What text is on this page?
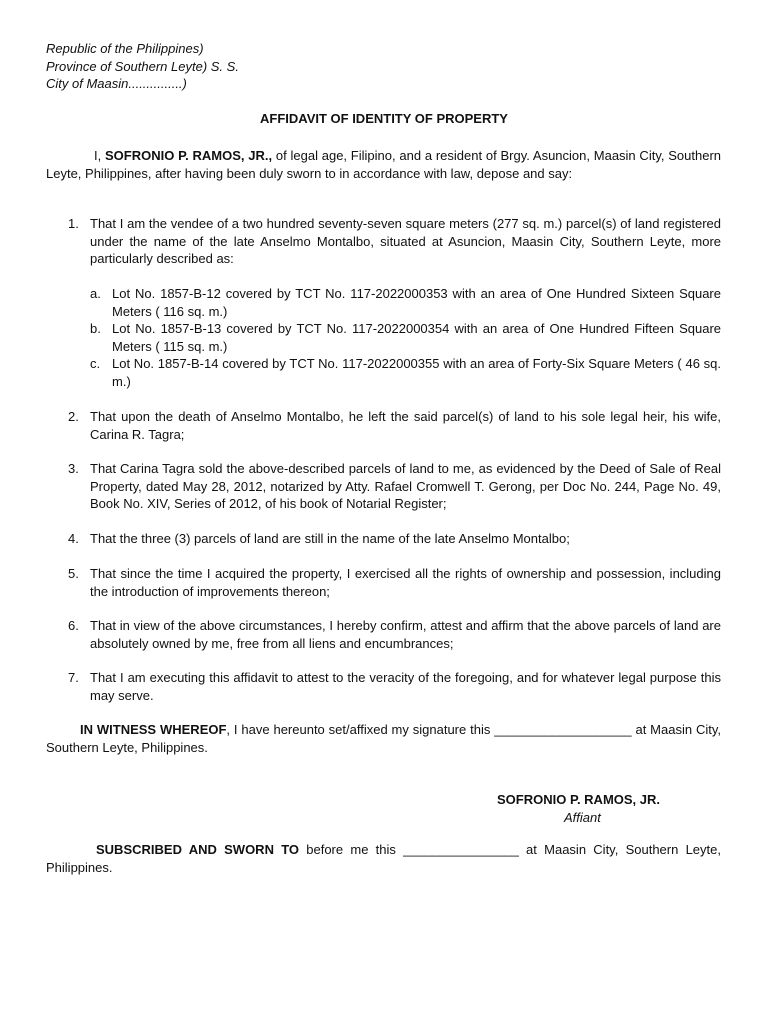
Republic of the Philippines)
Province of Southern Leyte) S. S.
City of Maasin...............)
AFFIDAVIT OF IDENTITY OF PROPERTY
I, SOFRONIO P. RAMOS, JR., of legal age, Filipino, and a resident of Brgy. Asuncion, Maasin City, Southern Leyte, Philippines, after having been duly sworn to in accordance with law, depose and say:
1. That I am the vendee of a two hundred seventy-seven square meters (277 sq. m.) parcel(s) of land registered under the name of the late Anselmo Montalbo, situated at Asuncion, Maasin City, Southern Leyte, more particularly described as:
a. Lot No. 1857-B-12 covered by TCT No. 117-2022000353 with an area of One Hundred Sixteen Square Meters ( 116 sq. m.)
b. Lot No. 1857-B-13 covered by TCT No. 117-2022000354 with an area of One Hundred Fifteen Square Meters ( 115 sq. m.)
c. Lot No. 1857-B-14 covered by TCT No. 117-2022000355 with an area of Forty-Six Square Meters ( 46 sq. m.)
2. That upon the death of Anselmo Montalbo, he left the said parcel(s) of land to his sole legal heir, his wife, Carina R. Tagra;
3. That Carina Tagra sold the above-described parcels of land to me, as evidenced by the Deed of Sale of Real Property, dated May 28, 2012, notarized by Atty. Rafael Cromwell T. Gerong, per Doc No. 244, Page No. 49, Book No. XIV, Series of 2012, of his book of Notarial Register;
4. That the three (3) parcels of land are still in the name of the late Anselmo Montalbo;
5. That since the time I acquired the property, I exercised all the rights of ownership and possession, including the introduction of improvements thereon;
6. That in view of the above circumstances, I hereby confirm, attest and affirm that the above parcels of land are absolutely owned by me, free from all liens and encumbrances;
7. That I am executing this affidavit to attest to the veracity of the foregoing, and for whatever legal purpose this may serve.
IN WITNESS WHEREOF, I have hereunto set/affixed my signature this ___________________ at Maasin City, Southern Leyte, Philippines.
SOFRONIO P. RAMOS, JR.
Affiant
SUBSCRIBED AND SWORN TO before me this ________________ at Maasin City, Southern Leyte, Philippines.
